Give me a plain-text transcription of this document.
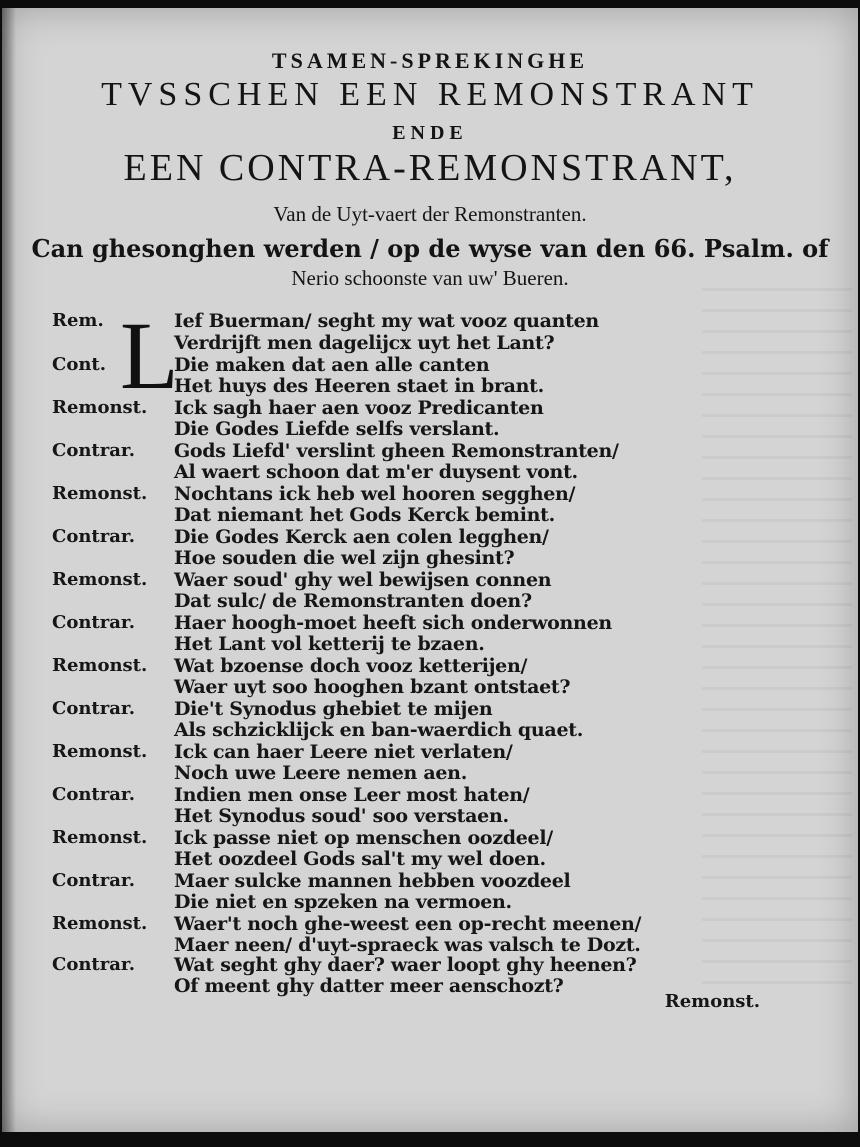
TSAMEN-SPREKINGHE
TVSSCHEN EEN REMONSTRANT
ENDE
EEN CONTRA-REMONSTRANT,
Van de Uyt-vaert der Remonstranten.
Can ghesonghen werden / op de wyse van den 66. Psalm. of
Nerio schoonste van uw' Bueren.
L
Rem.
Cont.
Remonst.
Contrar.
Remonst.
Contrar.
Remonst.
Contrar.
Remonst.
Contrar.
Remonst.
Contrar.
Remonst.
Contrar.
Remonst.
Contrar.
Ief Buerman/ seght my wat vooz quanten
Verdrijft men dagelijcx uyt het Lant?
Die maken dat aen alle canten
Het huys des Heeren staet in brant.
Ick sagh haer aen vooz Predicanten
Die Godes Liefde selfs verslant.
Gods Liefd' verslint gheen Remonstranten/
Al waert schoon dat m'er duysent vont.
Nochtans ick heb wel hooren segghen/
Dat niemant het Gods Kerck bemint.
Die Godes Kerck aen colen legghen/
Hoe souden die wel zijn ghesint?
Waer soud' ghy wel bewijsen connen
Dat sulc/ de Remonstranten doen?
Haer hoogh-moet heeft sich onderwonnen
Het Lant vol ketterij te bzaen.
Wat bzoense doch vooz ketterijen/
Waer uyt soo hooghen bzant ontstaet?
Die't Synodus ghebiet te mijen
Als schzicklijck en ban-waerdich quaet.
Ick can haer Leere niet verlaten/
Noch uwe Leere nemen aen.
Indien men onse Leer most haten/
Het Synodus soud' soo verstaen.
Ick passe niet op menschen oozdeel/
Het oozdeel Gods sal't my wel doen.
Maer sulcke mannen hebben voozdeel
Die niet en spzeken na vermoen.
Waer't noch ghe-weest een op-recht meenen/
Maer neen/ d'uyt-spraeck was valsch te Dozt.
Wat seght ghy daer? waer loopt ghy heenen?
Of meent ghy datter meer aenschozt?
Remonst.
